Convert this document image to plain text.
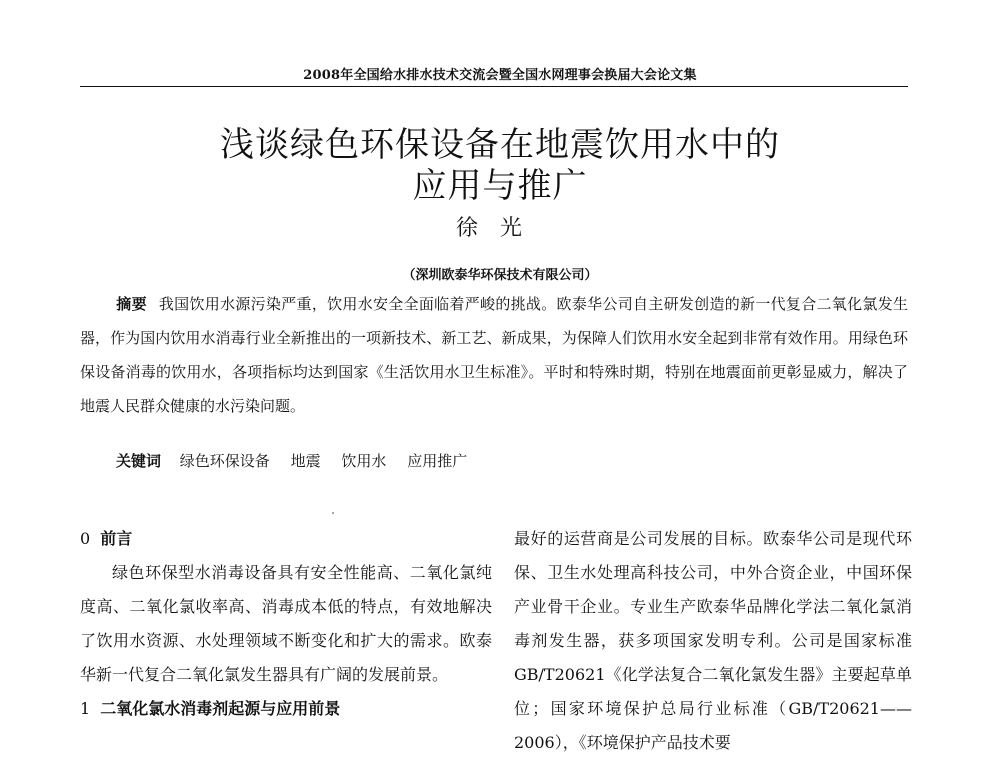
2008年全国给水排水技术交流会暨全国水网理事会换届大会论文集
浅谈绿色环保设备在地震饮用水中的
应用与推广
徐光
（深圳欧泰华环保技术有限公司）
摘要 我国饮用水源污染严重，饮用水安全全面临着严峻的挑战。欧泰华公司自主研发创造的新一代复合二氧化氯发生器，作为国内饮用水消毒行业全新推出的一项新技术、新工艺、新成果，为保障人们饮用水安全起到非常有效作用。用绿色环保设备消毒的饮用水，各项指标均达到国家《生活饮用水卫生标准》。平时和特殊时期，特别在地震面前更彰显威力，解决了地震人民群众健康的水污染问题。
关键词 绿色环保设备 地震 饮用水 应用推广

0 前言

绿色环保型水消毒设备具有安全性能高、二氧化氯纯度高、二氧化氯收率高、消毒成本低的特点，有效地解决了饮用水资源、水处理领域不断变化和扩大的需求。欧泰华新一代复合二氧化氯发生器具有广阔的发展前景。

1 二氧化氯水消毒剂起源与应用前景

最好的运营商是公司发展的目标。欧泰华公司是现代环保、卫生水处理高科技公司，中外合资企业，中国环保产业骨干企业。专业生产欧泰华品牌化学法二氧化氯消毒剂发生器，获多项国家发明专利。公司是国家标准 GB/T20621《化学法复合二氧化氯发生器》主要起草单位；国家环境保护总局行业标准（GB/T20621——2006），《环境保护产品技术要
